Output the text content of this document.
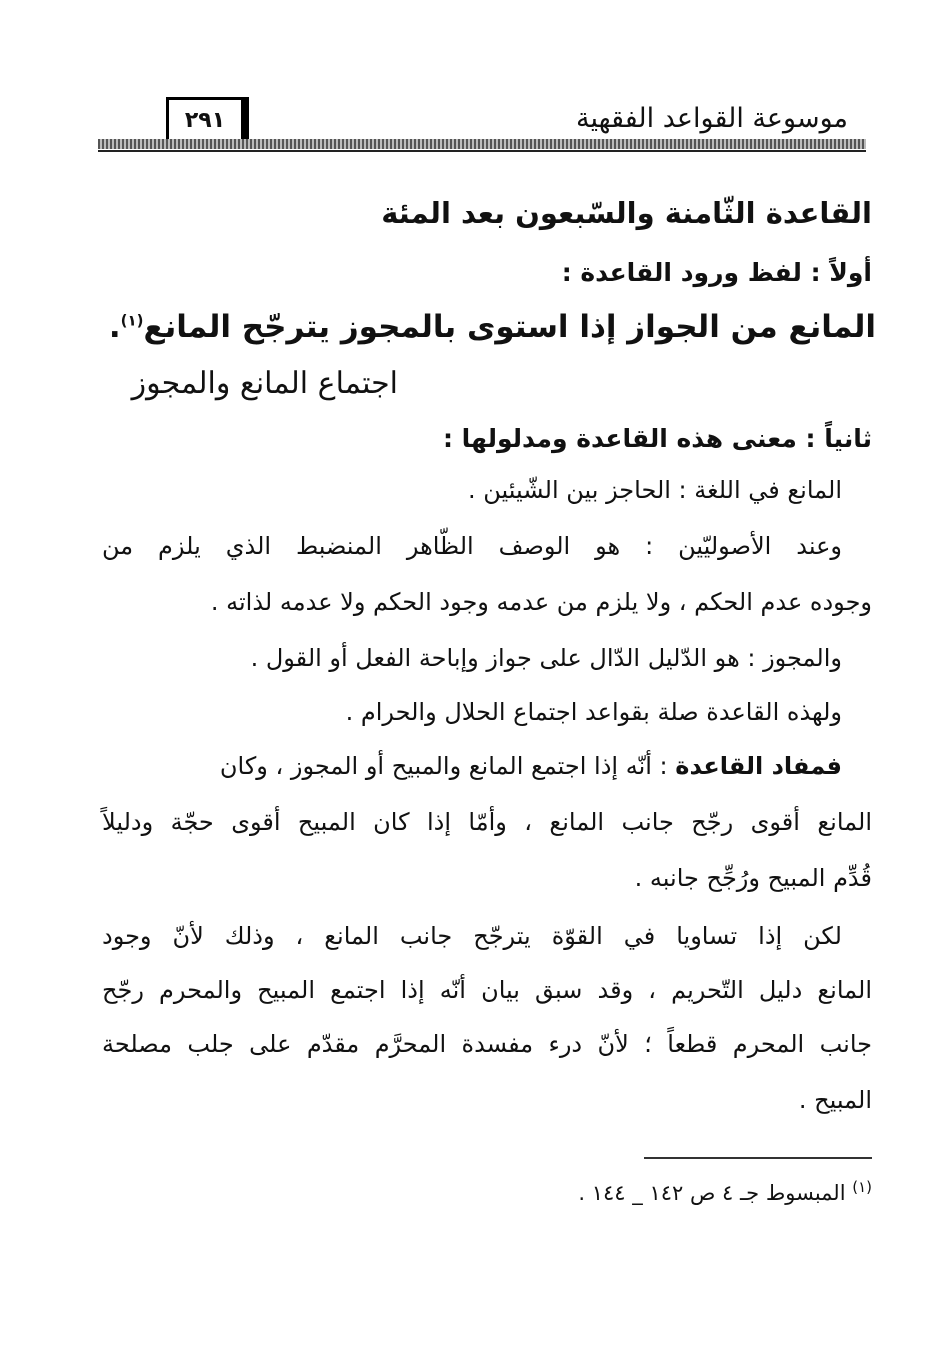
موسوعة القواعد الفقهية
٢٩١
القاعدة الثّامنة والسّبعون بعد المئة
أولاً : لفظ ورود القاعدة :
المانع من الجواز إذا استوى بالمجوز يترجّح المانع$^{(١)}$.
اجتماع المانع والمجوز
ثانياً : معنى هذه القاعدة ومدلولها :
المانع في اللغة : الحاجز بين الشّيئين .
وعند الأصوليّين : هو الوصف الظّاهر المنضبط الذي يلزم من
وجوده عدم الحكم ، ولا يلزم من عدمه وجود الحكم ولا عدمه لذاته .
والمجوز : هو الدّليل الدّال على جواز وإباحة الفعل أو القول .
ولهذه القاعدة صلة بقواعد اجتماع الحلال والحرام .
فمفاد القاعدة : أنّه إذا اجتمع المانع والمبيح أو المجوز ، وكان
المانع أقوى رجّح جانب المانع ، وأمّا إذا كان المبيح أقوى حجّة ودليلاً
قُدِّم المبيح ورُجِّح جانبه .
لكن إذا تساويا في القوّة يترجّح جانب المانع ، وذلك لأنّ وجود
المانع دليل التّحريم ، وقد سبق بيان أنّه إذا اجتمع المبيح والمحرم رجّح
جانب المحرم قطعاً ؛ لأنّ درء مفسدة المحرَّم مقدّم على جلب مصلحة
المبيح .
$^{(١)}$ المبسوط جـ ٤ ص ١٤٢ _ ١٤٤ .
